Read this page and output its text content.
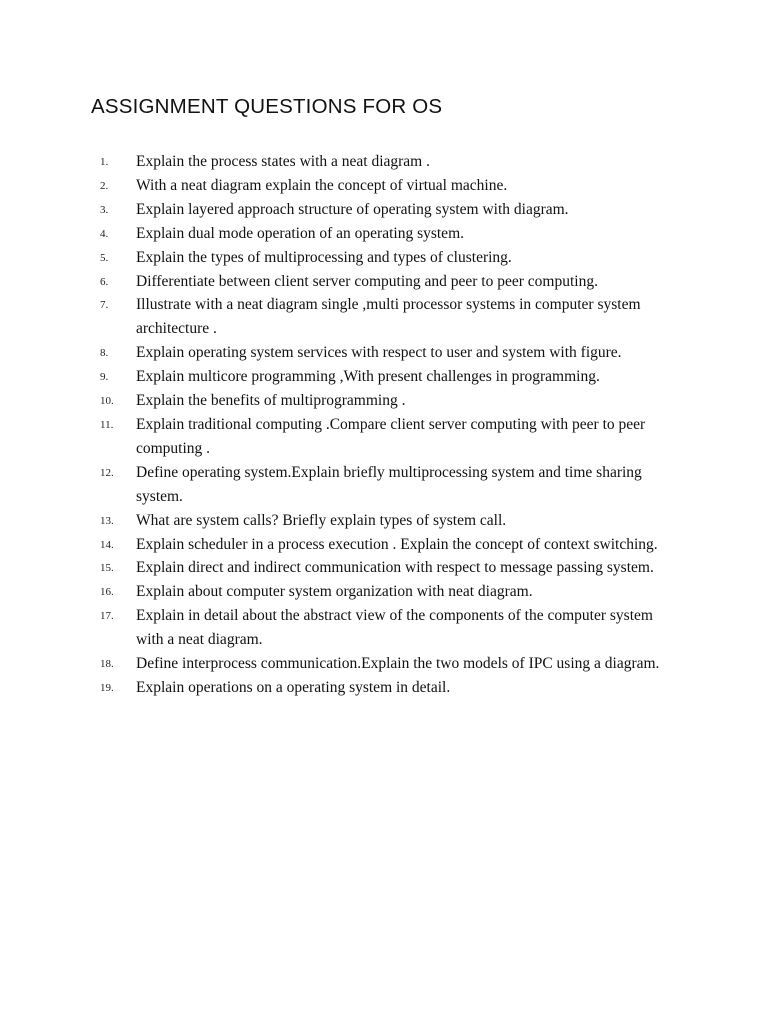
ASSIGNMENT QUESTIONS FOR OS
1.	Explain the process states with a neat diagram .
2.	With a neat diagram explain the concept of virtual machine.
3.	Explain layered approach structure of operating system with diagram.
4.	Explain dual mode operation of an operating system.
5.	Explain the types of multiprocessing and types of clustering.
6.	Differentiate between client server computing and peer to peer computing.
7.	Illustrate with a neat diagram single ,multi processor systems in computer system architecture .
8.	Explain operating system services with respect to user and system with figure.
9.	Explain multicore programming ,With present challenges in programming.
10.	Explain the benefits of multiprogramming .
11.	Explain traditional computing .Compare client server computing with peer to peer computing .
12.	Define operating system.Explain briefly multiprocessing system and time sharing system.
13.	What are system calls? Briefly explain types of system call.
14.	Explain scheduler in a process execution . Explain the concept of context switching.
15.	Explain direct and indirect communication with respect to message passing system.
16.	Explain about computer system organization with neat diagram.
17.	Explain in detail about the abstract view of the components of the computer system with a neat diagram.
18.	Define interprocess communication.Explain the two models of IPC using a diagram.
19.	Explain operations on a operating system in detail.
